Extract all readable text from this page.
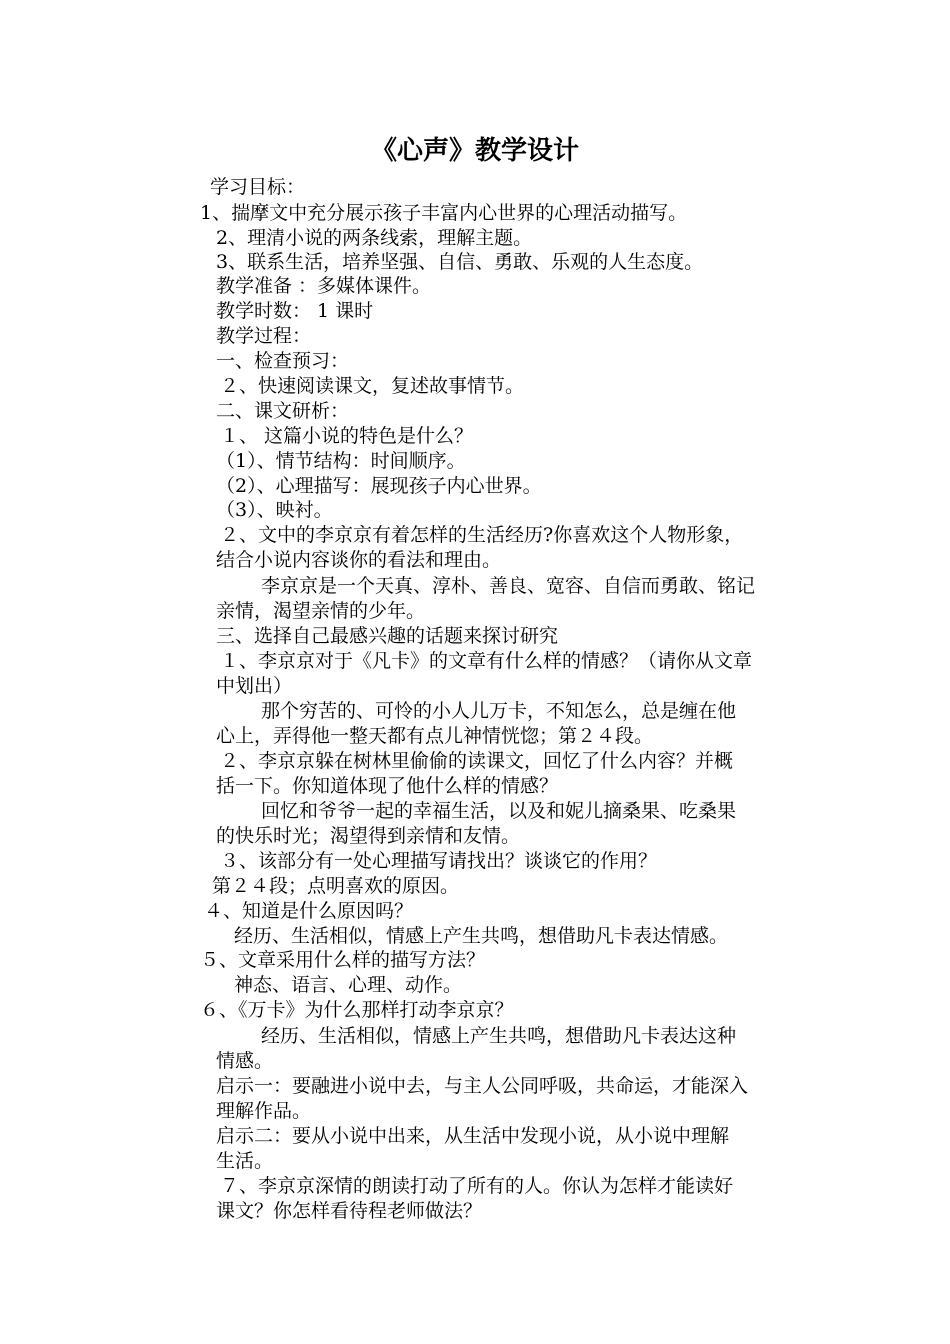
《心声》教学设计
学习目标：
1、揣摩文中充分展示孩子丰富内心世界的心理活动描写。
2、理清小说的两条线索，理解主题。
3、联系生活，培养坚强、自信、勇敢、乐观的人生态度。
教学准备 ：多媒体课件。
教学时数： 1 课时
教学过程：
一、检查预习：
２、快速阅读课文，复述故事情节。
二、课文研析：
１、 这篇小说的特色是什么？
（1）、情节结构：时间顺序。
（2）、心理描写：展现孩子内心世界。
（3）、映衬。
２、文中的李京京有着怎样的生活经历?你喜欢这个人物形象，
结合小说内容谈你的看法和理由。
李京京是一个天真、淳朴、善良、宽容、自信而勇敢、铭记
亲情，渴望亲情的少年。
三、选择自己最感兴趣的话题来探讨研究
１、李京京对于《凡卡》的文章有什么样的情感？（请你从文章
中划出）
那个穷苦的、可怜的小人儿万卡，不知怎么，总是缠在他
心上，弄得他一整天都有点儿神情恍惚；第２４段。
２、李京京躲在树林里偷偷的读课文，回忆了什么内容？并概
括一下。你知道体现了他什么样的情感？
回忆和爷爷一起的幸福生活，以及和妮儿摘桑果、吃桑果
的快乐时光；渴望得到亲情和友情。
３、该部分有一处心理描写请找出？谈谈它的作用？
第２４段；点明喜欢的原因。
４、知道是什么原因吗？
经历、生活相似，情感上产生共鸣，想借助凡卡表达情感。
５、文章采用什么样的描写方法？
神态、语言、心理、动作。
６、《万卡》为什么那样打动李京京？
经历、生活相似，情感上产生共鸣，想借助凡卡表达这种
情感。
启示一：要融进小说中去，与主人公同呼吸，共命运，才能深入
理解作品。
启示二：要从小说中出来，从生活中发现小说，从小说中理解
生活。
７、李京京深情的朗读打动了所有的人。你认为怎样才能读好
课文？你怎样看待程老师做法？
